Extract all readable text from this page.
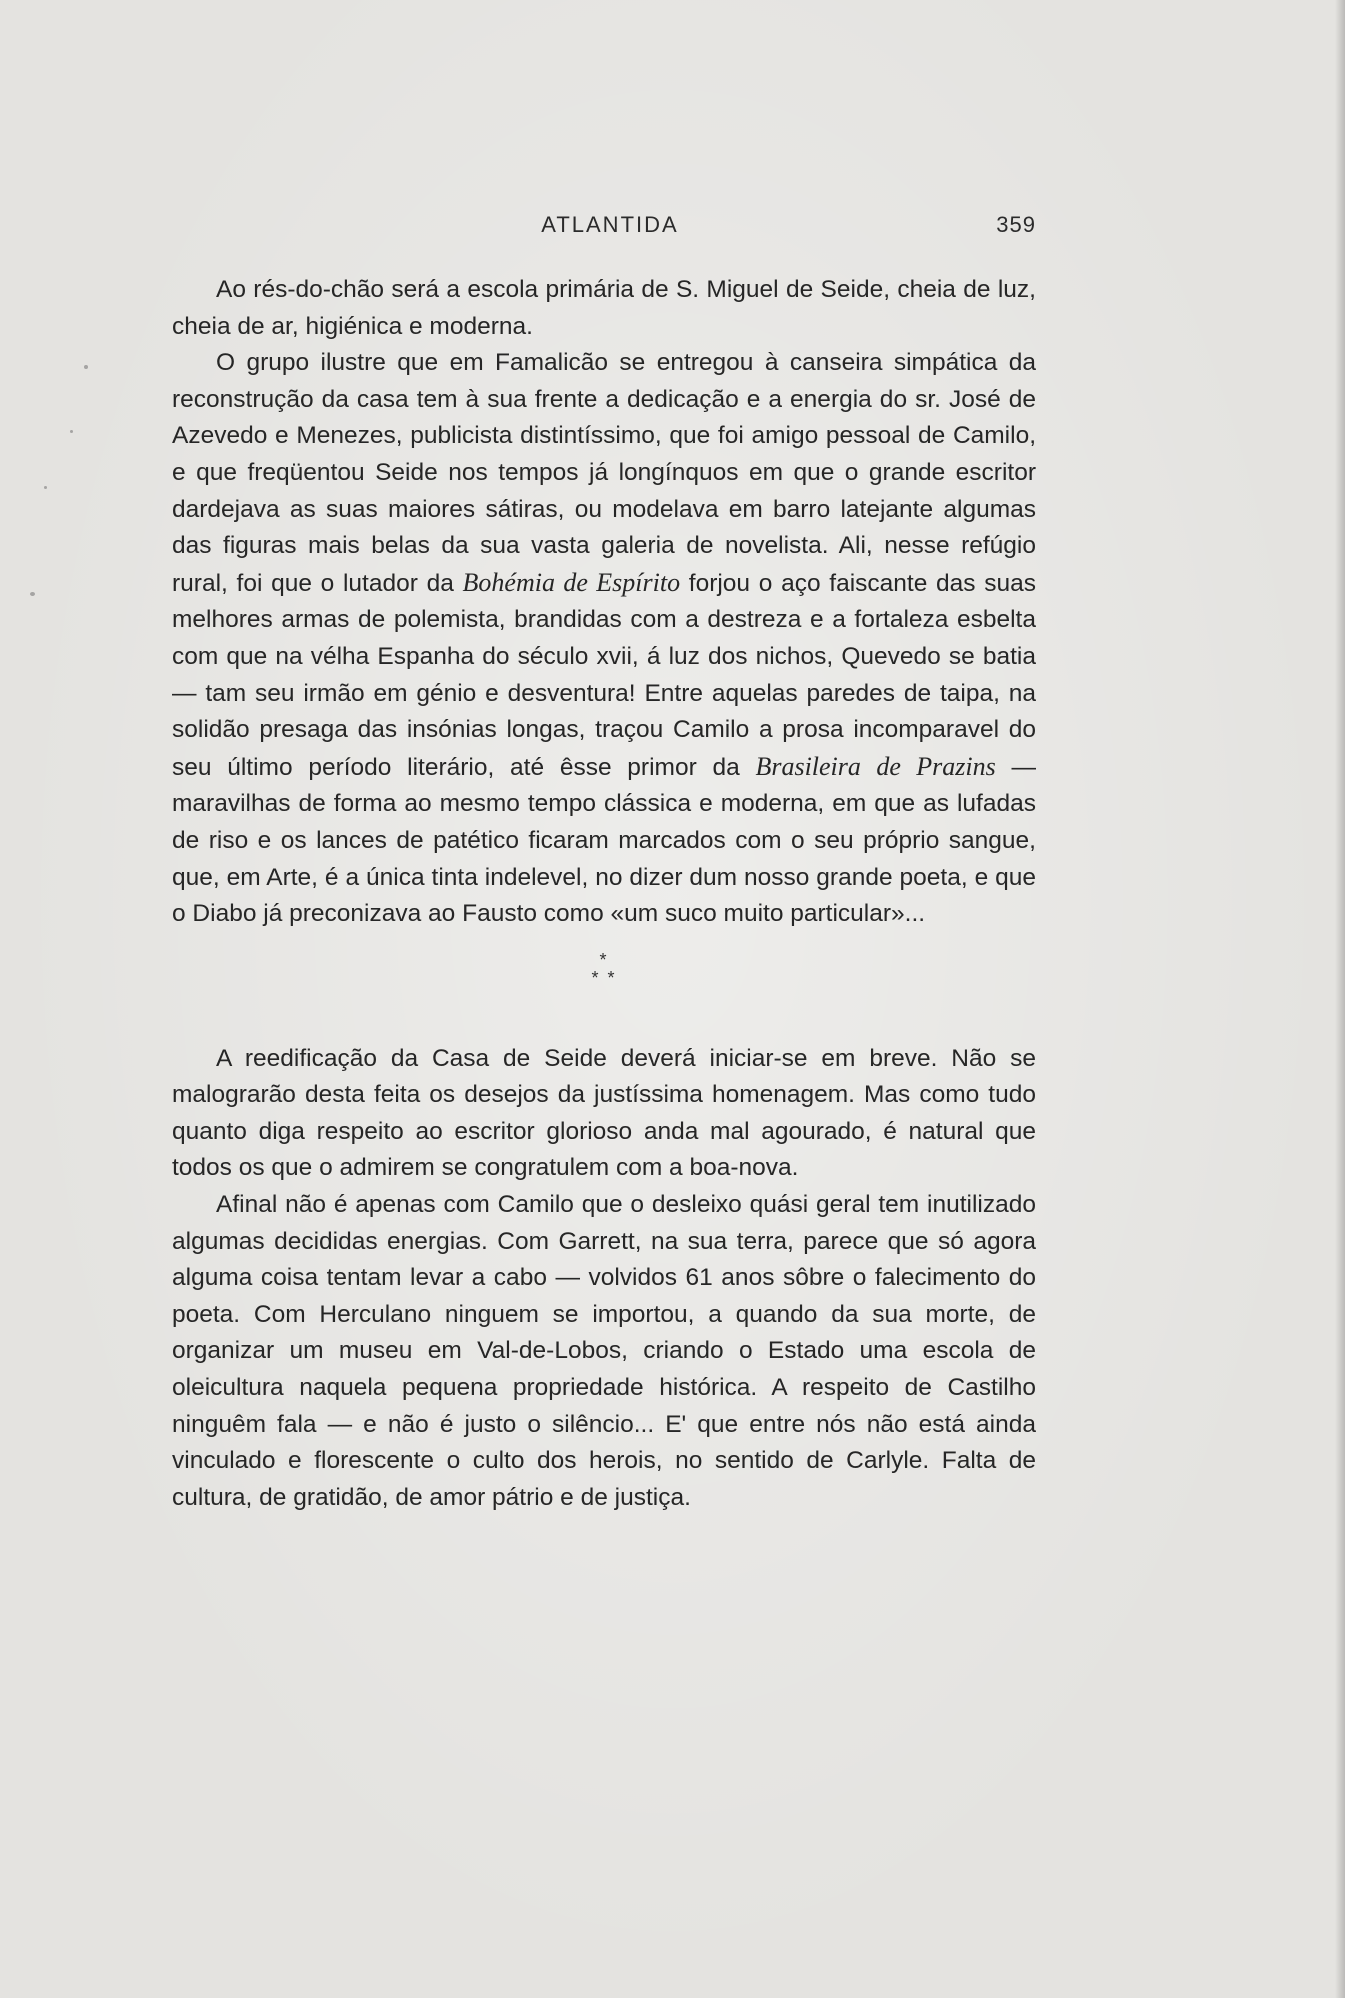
ATLANTIDA	359

Ao rés-do-chão será a escola primária de S. Miguel de Seide, cheia de luz, cheia de ar, higiénica e moderna.

O grupo ilustre que em Famalicão se entregou à canseira simpática da reconstrução da casa tem à sua frente a dedicação e a energia do sr. José de Azevedo e Menezes, publicista distintíssimo, que foi amigo pessoal de Camilo, e que freqüentou Seide nos tempos já longínquos em que o grande escritor dardejava as suas maiores sátiras, ou modelava em barro latejante algumas das figuras mais belas da sua vasta galeria de novelista. Ali, nesse refúgio rural, foi que o lutador da Bohémia de Espírito forjou o aço faiscante das suas melhores armas de polemista, brandidas com a destreza e a fortaleza esbelta com que na vélha Espanha do século xvii, á luz dos nichos, Quevedo se batia — tam seu irmão em génio e desventura! Entre aquelas paredes de taipa, na solidão presaga das insónias longas, traçou Camilo a prosa incomparavel do seu último período literário, até êsse primor da Brasileira de Prazins — maravilhas de forma ao mesmo tempo clássica e moderna, em que as lufadas de riso e os lances de patético ficaram marcados com o seu próprio sangue, que, em Arte, é a única tinta indelevel, no dizer dum nosso grande poeta, e que o Diabo já preconizava ao Fausto como «um suco muito particular»...

*
* *

A reedificação da Casa de Seide deverá iniciar-se em breve. Não se malograrão desta feita os desejos da justíssima homenagem. Mas como tudo quanto diga respeito ao escritor glorioso anda mal agourado, é natural que todos os que o admirem se congratulem com a boa-nova.

Afinal não é apenas com Camilo que o desleixo quási geral tem inutilizado algumas decididas energias. Com Garrett, na sua terra, parece que só agora alguma coisa tentam levar a cabo — volvidos 61 anos sôbre o falecimento do poeta. Com Herculano ninguem se importou, a quando da sua morte, de organizar um museu em Val-de-Lobos, criando o Estado uma escola de oleicultura naquela pequena propriedade histórica. A respeito de Castilho ninguêm fala — e não é justo o silêncio... E' que entre nós não está ainda vinculado e florescente o culto dos herois, no sentido de Carlyle. Falta de cultura, de gratidão, de amor pátrio e de justiça.
